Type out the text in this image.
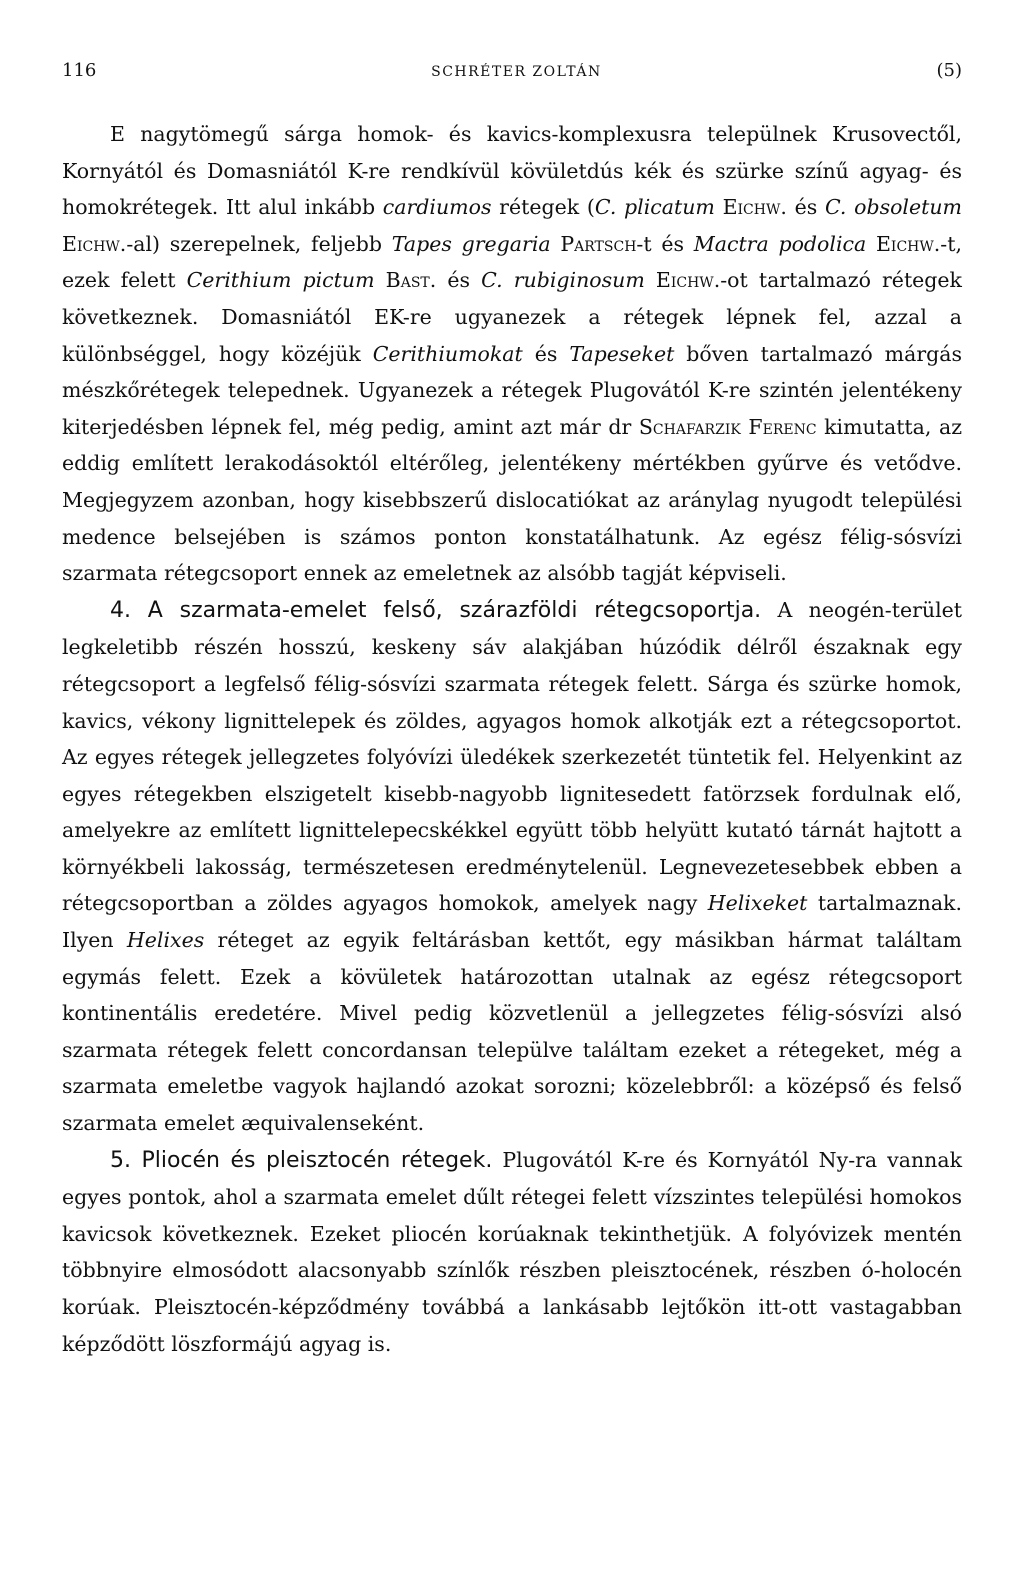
116	SCHRÉTER ZOLTÁN	(5)

E nagytömegű sárga homok- és kavics-komplexusra települnek Krusovectől, Kornyától és Domasniától K-re rendkívül kövületdús kék és szürke színű agyag- és homokrétegek. Itt alul inkább cardiumos rétegek (C. plicatum Eichw. és C. obsoletum Eichw.-al) szerepelnek, feljebb Tapes gregaria Partsch-t és Mactra podolica Eichw.-t, ezek felett Cerithium pictum Bast. és C. rubiginosum Eichw.-ot tartalmazó rétegek következnek. Domasniától EK-re ugyanezek a rétegek lépnek fel, azzal a különbséggel, hogy közéjük Cerithiumokat és Tapeseket bőven tartalmazó márgás mészkőrétegek telepednek. Ugyanezek a rétegek Plugovától K-re szintén jelentékeny kiterjedésben lépnek fel, még pedig, amint azt már dr Schafarzik Ferenc kimutatta, az eddig említett lerakodásoktól eltérőleg, jelentékeny mértékben gyűrve és vetődve. Megjegyzem azonban, hogy kisebbszerű dislocatiókat az aránylag nyugodt települési medence belsejében is számos ponton konstatálhatunk. Az egész félig-sósvízi szarmata rétegcsoport ennek az emeletnek az alsóbb tagját képviseli.

4. A szarmata-emelet felső, szárazföldi rétegcsoportja. A neogén-terület legkeletibb részén hosszú, keskeny sáv alakjában húzódik délről északnak egy rétegcsoport a legfelső félig-sósvízi szarmata rétegek felett. Sárga és szürke homok, kavics, vékony lignittelepek és zöldes, agyagos homok alkotják ezt a rétegcsoportot. Az egyes rétegek jellegzetes folyóvízi üledékek szerkezetét tüntetik fel. Helyenkint az egyes rétegekben elszigetelt kisebb-nagyobb lignitesedett fatörzsek fordulnak elő, amelyekre az említett lignittelepecskékkel együtt több helyütt kutató tárnát hajtott a környékbeli lakosság, természetesen eredménytelenül. Legnevezetesebbek ebben a rétegcsoportban a zöldes agyagos homokok, amelyek nagy Helixeket tartalmaznak. Ilyen Helixes réteget az egyik feltárásban kettőt, egy másikban hármat találtam egymás felett. Ezek a kövületek határozottan utalnak az egész rétegcsoport kontinentális eredetére. Mivel pedig közvetlenül a jellegzetes félig-sósvízi alsó szarmata rétegek felett concordansan települve találtam ezeket a rétegeket, még a szarmata emeletbe vagyok hajlandó azokat sorozni; közelebbről: a középső és felső szarmata emelet æquivalenseként.

5. Pliocén és pleisztocén rétegek. Plugovától K-re és Kornyától Ny-ra vannak egyes pontok, ahol a szarmata emelet dűlt rétegei felett vízszintes települési homokos kavicsok következnek. Ezeket pliocén korúaknak tekinthetjük. A folyóvizek mentén többnyire elmosódott alacsonyabb színlők részben pleisztocének, részben ó-holocén korúak. Pleisztocén-képződmény továbbá a lankásabb lejtőkön itt-ott vastagabban képződött löszformájú agyag is.
